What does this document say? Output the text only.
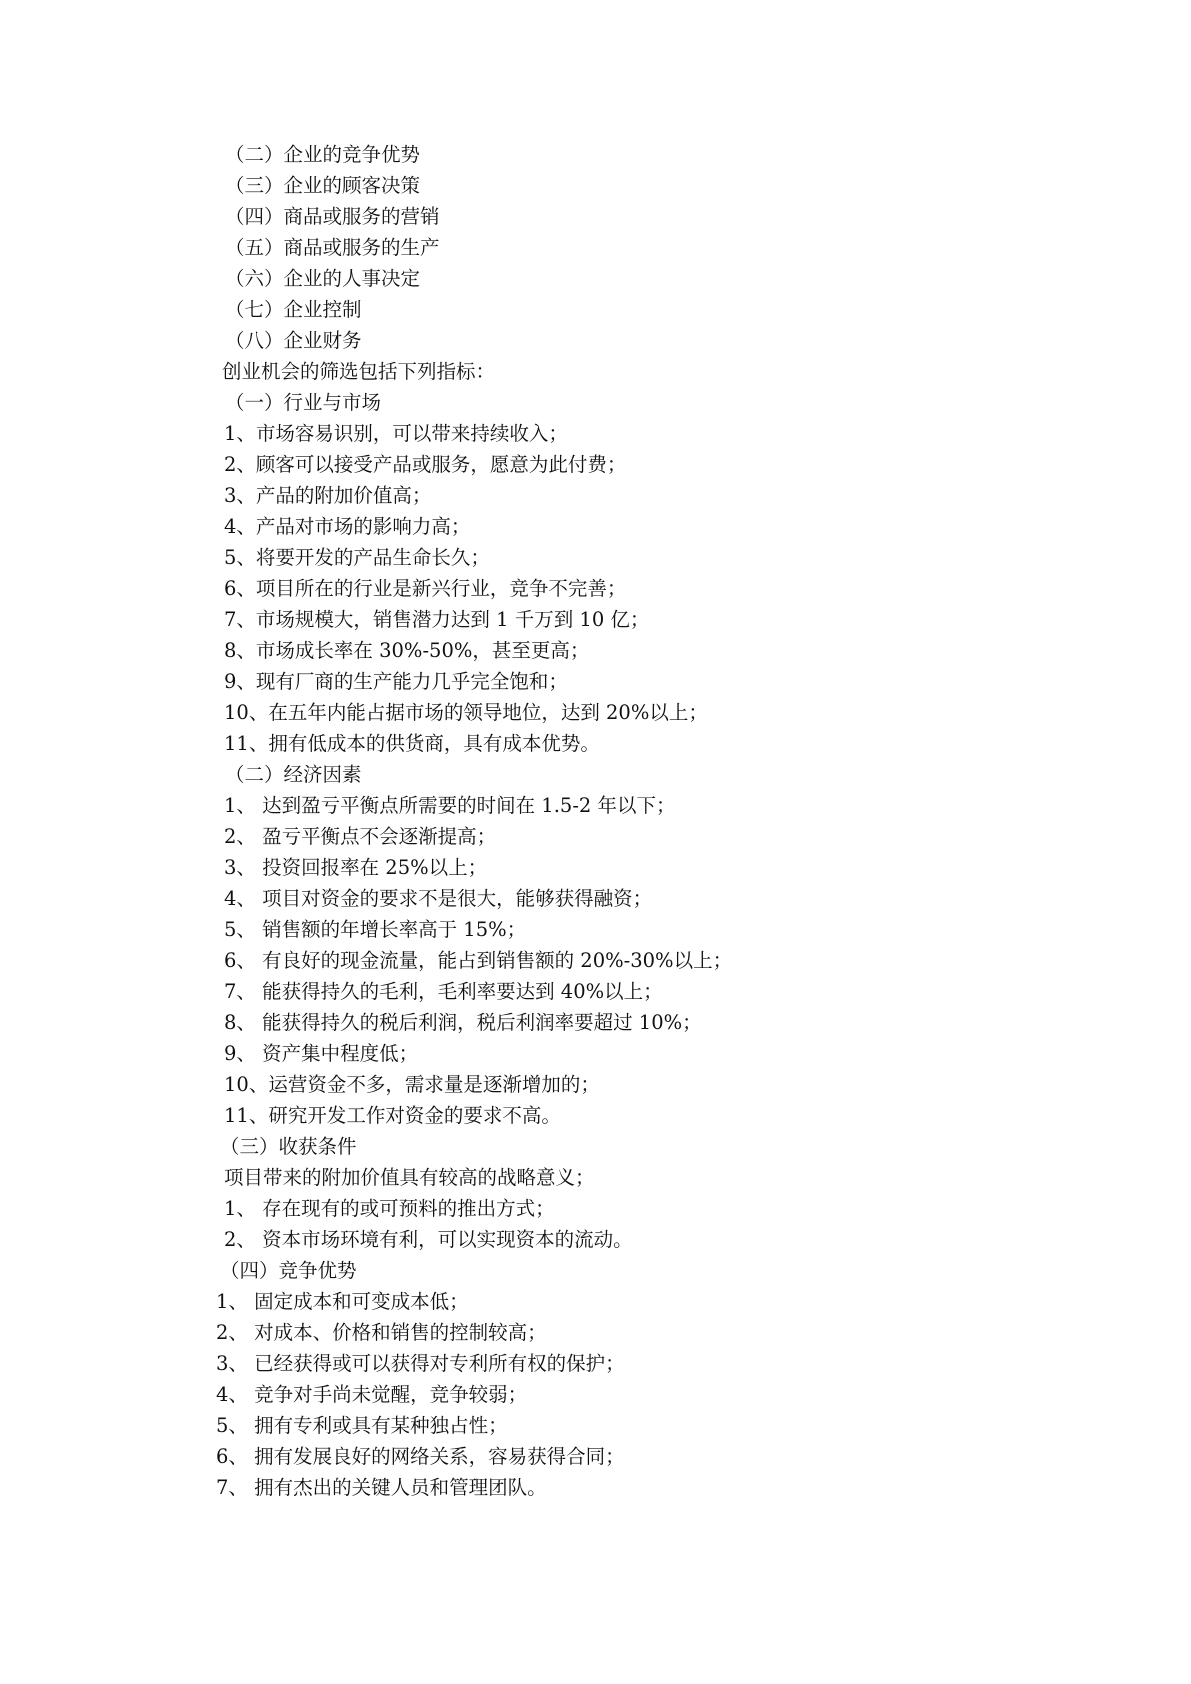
（二）企业的竞争优势
（三）企业的顾客决策
（四）商品或服务的营销
（五）商品或服务的生产
（六）企业的人事决定
（七）企业控制
（八）企业财务
创业机会的筛选包括下列指标：
（一）行业与市场
1、市场容易识别，可以带来持续收入；
2、顾客可以接受产品或服务，愿意为此付费；
3、产品的附加价值高；
4、产品对市场的影响力高；
5、将要开发的产品生命长久；
6、项目所在的行业是新兴行业，竞争不完善；
7、市场规模大，销售潜力达到 1 千万到 10 亿；
8、市场成长率在 30%-50%，甚至更高；
9、现有厂商的生产能力几乎完全饱和；
10、在五年内能占据市场的领导地位，达到 20%以上；
11、拥有低成本的供货商，具有成本优势。
（二）经济因素
1、 达到盈亏平衡点所需要的时间在 1.5-2 年以下；
2、 盈亏平衡点不会逐渐提高；
3、 投资回报率在 25%以上；
4、 项目对资金的要求不是很大，能够获得融资；
5、 销售额的年增长率高于 15%；
6、 有良好的现金流量，能占到销售额的 20%-30%以上；
7、 能获得持久的毛利，毛利率要达到 40%以上；
8、 能获得持久的税后利润，税后利润率要超过 10%；
9、 资产集中程度低；
10、运营资金不多，需求量是逐渐增加的；
11、研究开发工作对资金的要求不高。
（三）收获条件
项目带来的附加价值具有较高的战略意义；
1、 存在现有的或可预料的推出方式；
2、 资本市场环境有利，可以实现资本的流动。
（四）竞争优势
1、 固定成本和可变成本低；
2、 对成本、价格和销售的控制较高；
3、 已经获得或可以获得对专利所有权的保护；
4、 竞争对手尚未觉醒，竞争较弱；
5、 拥有专利或具有某种独占性；
6、 拥有发展良好的网络关系，容易获得合同；
7、 拥有杰出的关键人员和管理团队。
